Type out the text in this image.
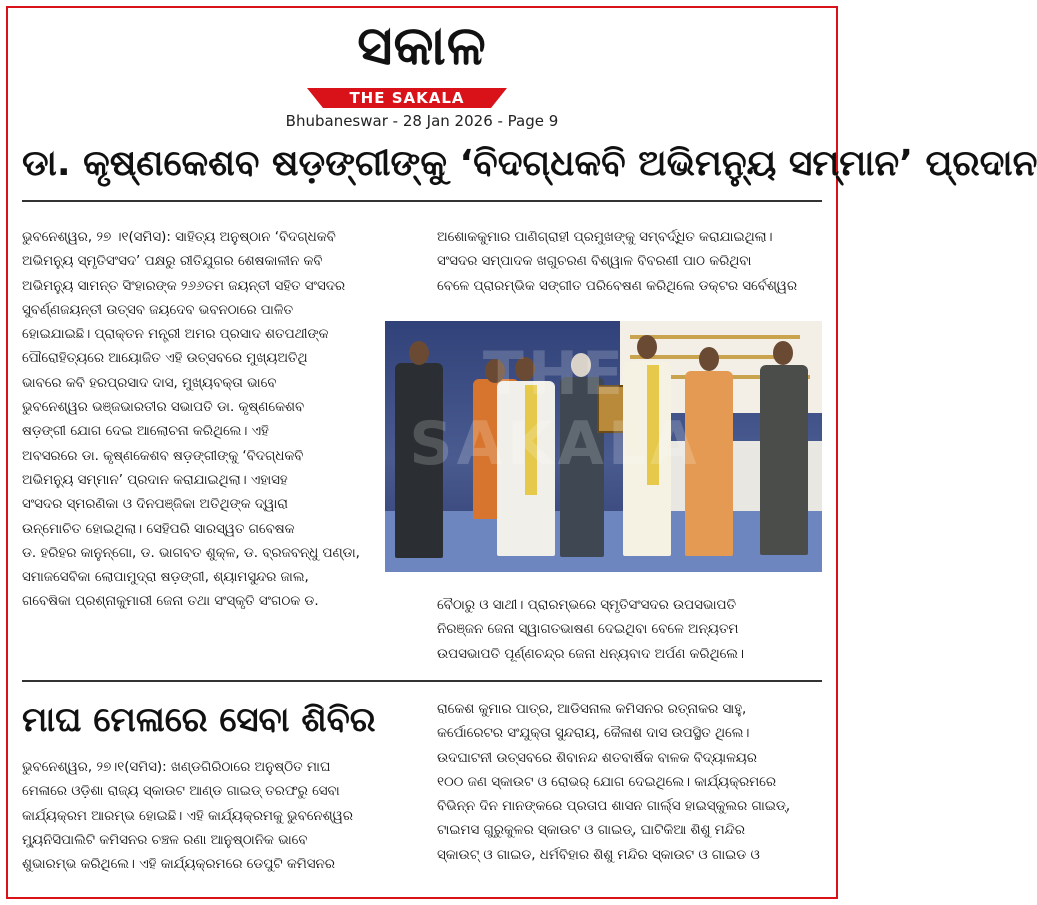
ସକାଳ
THE SAKALA
Bhubaneswar - 28 Jan 2026 - Page 9
ଡା. କୃଷ୍ଣକେଶବ ଷଡ଼ଙ୍ଗୀଙ୍କୁ ‘ବିଦଗ୍ଧକବି ଅଭିମନ୍ୟୁ ସମ୍ମାନ’ ପ୍ରଦାନ

ଭୁବନେଶ୍ୱର, ୨୭ ।୧(ସମିସ): ସାହିତ୍ୟ ଅନୁଷ୍ଠାନ ‘ବିଦଗ୍ଧକବି

ଅଭିମନ୍ୟୁ ସ୍ମୃତିସଂସଦ’ ପକ୍ଷରୁ ରୀତିଯୁଗର ଶେଷକାଳୀନ କବି

ଅଭିମନ୍ୟୁ ସାମନ୍ତ ସିଂହାରଙ୍କ ୨୬୬ତମ ଜୟନ୍ତୀ ସହିତ ସଂସଦର

ସୁବର୍ଣ୍ଣଜୟନ୍ତୀ ଉତ୍ସବ ଜୟଦେବ ଭବନଠାରେ ପାଳିତ

ହୋଇଯାଇଛି। ପ୍ରାକ୍ତନ ମନ୍ତ୍ରୀ ଅମର ପ୍ରସାଦ ଶତପଥୀଙ୍କ

ପୌରୋହିତ୍ୟରେ ଆୟୋଜିତ ଏହି ଉତ୍ସବରେ ମୁଖ୍ୟଅତିଥି

ଭାବରେ କବି ହରପ୍ରସାଦ ଦାସ, ମୁଖ୍ୟବକ୍ତା ଭାବେ

ଭୁବନେଶ୍ୱର ଭଞ୍ଜଭାରତୀର ସଭାପତି ଡା. କୃଷ୍ଣକେଶବ

ଷଡ଼ଙ୍ଗୀ ଯୋଗ ଦେଇ ଆଲୋଚନା କରିଥିଲେ। ଏହି

ଅବସରରେ ଡା. କୃଷ୍ଣକେଶବ ଷଡ଼ଙ୍ଗୀଙ୍କୁ ‘ବିଦଗ୍ଧକବି

ଅଭିମନ୍ୟୁ ସମ୍ମାନ’ ପ୍ରଦାନ କରାଯାଇଥିଲା। ଏହାସହ

ସଂସଦର ସ୍ମରଣିକା ଓ ଦିନପଞ୍ଜିକା ଅତିଥିଙ୍କ ଦ୍ୱାରା

ଉନ୍ମୋଚିତ ହୋଇଥିଲା। ସେହିପରି ସାରସ୍ୱତ ଗବେଷକ

ଡ. ହରିହର କାନୁନ୍‌ଗୋ, ଡ. ଭାଗବତ ଶୁକ୍ଳ, ଡ. ବ୍ରଜବନ୍ଧୁ ପଣ୍ଡା,

ସମାଜସେବିକା ଲୋପାମୁଦ୍ରା ଷଡ଼ଙ୍ଗୀ, ଶ୍ୟାମସୁନ୍ଦର ଜାଲ,

ଗବେଷିକା ପ୍ରଶ୍ନାକୁମାରୀ ଜେନା ତଥା ସଂସ୍କୃତି ସଂଗଠକ ଡ.

ଅଶୋକକୁମାର ପାଣିଗ୍ରାହୀ ପ୍ରମୁଖଙ୍କୁ ସମ୍ବର୍ଦ୍ଧିତ କରାଯାଇଥିଲା।

ସଂସଦର ସମ୍ପାଦକ ଖଗୁଚରଣ ବିଶ୍ୱାଳ ବିବରଣୀ ପାଠ କରିଥିବା

ବେଳେ ପ୍ରାରମ୍ଭିକ ସଙ୍ଗୀତ ପରିବେଷଣ କରିଥିଲେ ଡକ୍ଟର ସର୍ବେଶ୍ୱର

THE SAKALA

ବୈଠାରୁ ଓ ସାଥୀ। ପ୍ରାରମ୍ଭରେ ସ୍ମୃତିସଂସଦର ଉପସଭାପତି

ନିରଞ୍ଜନ ଜେନା ସ୍ୱାଗତଭାଷଣ ଦେଇଥିବା ବେଳେ ଅନ୍ୟତମ

ଉପସଭାପତି ପୂର୍ଣ୍ଣଚନ୍ଦ୍ର ଜେନା ଧନ୍ୟବାଦ ଅର୍ପଣ କରିଥିଲେ।

ମାଘ ମେଳାରେ ସେବା ଶିବିର

ଭୁବନେଶ୍ୱର, ୨୭।୧(ସମିସ): ଖଣ୍ଡଗିରିଠାରେ ଅନୁଷ୍ଠିତ ମାଘ

ମେଳାରେ ଓଡ଼ିଶା ରାଜ୍ୟ ସ୍କାଉଟ ଆଣ୍ଡ ଗାଇଡ୍ ତରଫରୁ ସେବା

କାର୍ଯ୍ୟକ୍ରମ ଆରମ୍ଭ ହୋଇଛି। ଏହି କାର୍ଯ୍ୟକ୍ରମକୁ ଭୁବନେଶ୍ୱର

ମ୍ୟୁନିସିପାଲିଟି କମିସନର ଚଞ୍ଚଳ ରଣା ଆନୁଷ୍ଠାନିକ ଭାବେ

ଶୁଭାରମ୍ଭ କରିଥିଲେ। ଏହି କାର୍ଯ୍ୟକ୍ରମରେ ଡେପୁଟି କମିସନର

ରାକେଶ କୁମାର ପାତ୍ର, ଆଡିସନାଲ କମିସନର ରତ୍ନାକର ସାହୁ,

କର୍ପୋରେଟର ସଂଯୁକ୍ତା ସୁନ୍ଦରାୟ, କୈଳାଶ ଦାସ ଉପସ୍ଥିତ ଥିଲେ।

ଉଦଘାଟନୀ ଉତ୍ସବରେ ଶିବାନନ୍ଦ ଶତବାର୍ଷିକ ବାଳକ ବିଦ୍ୟାଳୟର

୧୦୦ ଜଣ ସ୍କାଉଟ ଓ ରୋଭର୍ ଯୋଗ ଦେଇଥିଲେ। କାର୍ଯ୍ୟକ୍ରମରେ

ବିଭିନ୍ନ ଦିନ ମାନଙ୍କରେ ପ୍ରତାପ ଶାସନ ଗାର୍ଲ୍ସ ହାଇସ୍କୁଲର ଗାଇଡ୍,

ଟାଇମସ ଗୁରୁକୁଳର ସ୍କାଉଟ ଓ ଗାଇଡ୍, ଘାଟିକିଆ ଶିଶୁ ମନ୍ଦିର

ସ୍କାଉଟ୍ ଓ ଗାଇଡ, ଧର୍ମବିହାର ଶିଶୁ ମନ୍ଦିର ସ୍କାଉଟ ଓ ଗାଇଡ ଓ
